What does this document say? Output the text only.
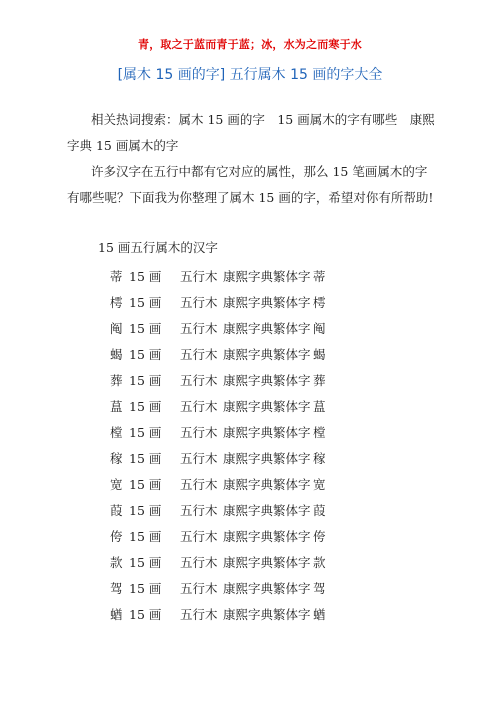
青，取之于蓝而青于蓝；冰，水为之而寒于水
[属木 15 画的字] 五行属木 15 画的字大全
相关热词搜索：属木 15 画的字　15 画属木的字有哪些　康熙字典 15 画属木的字
许多汉字在五行中都有它对应的属性，那么 15 笔画属木的字有哪些呢？下面我为你整理了属木 15 画的字，希望对你有所帮助!
15 画五行属木的汉字
蒂 15 画 五行木 康熙字典繁体字 蒂
樗 15 画 五行木 康熙字典繁体字 樗
阄 15 画 五行木 康熙字典繁体字 阄
蝎 15 画 五行木 康熙字典繁体字 蝎
葬 15 画 五行木 康熙字典繁体字 葬
蒀 15 画 五行木 康熙字典繁体字 蒀
樘 15 画 五行木 康熙字典繁体字 樘
稼 15 画 五行木 康熙字典繁体字 稼
宽 15 画 五行木 康熙字典繁体字 宽
葭 15 画 五行木 康熙字典繁体字 葭
侉 15 画 五行木 康熙字典繁体字 侉
款 15 画 五行木 康熙字典繁体字 款
驾 15 画 五行木 康熙字典繁体字 驾
蝤 15 画 五行木 康熙字典繁体字 蝤
